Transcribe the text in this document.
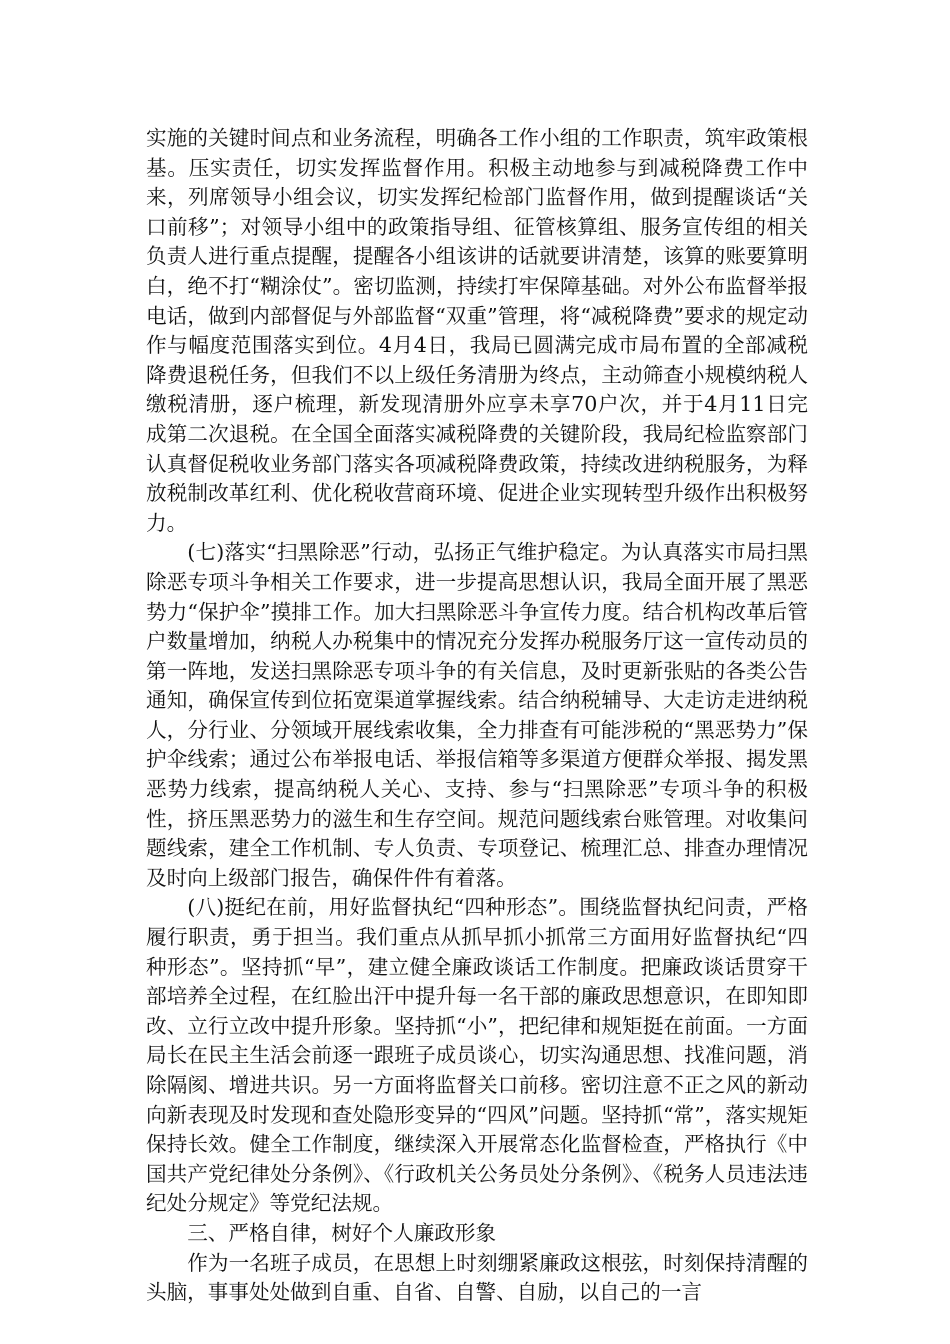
实施的关键时间点和业务流程，明确各工作小组的工作职责，筑牢政策根基。压实责任，切实发挥监督作用。积极主动地参与到减税降费工作中来，列席领导小组会议，切实发挥纪检部门监督作用，做到提醒谈话“关口前移”；对领导小组中的政策指导组、征管核算组、服务宣传组的相关负责人进行重点提醒，提醒各小组该讲的话就要讲清楚，该算的账要算明白，绝不打“糊涂仗”。密切监测，持续打牢保障基础。对外公布监督举报电话，做到内部督促与外部监督“双重”管理，将“减税降费”要求的规定动作与幅度范围落实到位。4月4日，我局已圆满完成市局布置的全部减税降费退税任务，但我们不以上级任务清册为终点，主动筛查小规模纳税人缴税清册，逐户梳理，新发现清册外应享未享70户次，并于4月11日完成第二次退税。在全国全面落实减税降费的关键阶段，我局纪检监察部门认真督促税收业务部门落实各项减税降费政策，持续改进纳税服务，为释放税制改革红利、优化税收营商环境、促进企业实现转型升级作出积极努力。

(七)落实“扫黑除恶”行动，弘扬正气维护稳定。为认真落实市局扫黑除恶专项斗争相关工作要求，进一步提高思想认识，我局全面开展了黑恶势力“保护伞”摸排工作。加大扫黑除恶斗争宣传力度。结合机构改革后管户数量增加，纳税人办税集中的情况充分发挥办税服务厅这一宣传动员的第一阵地，发送扫黑除恶专项斗争的有关信息，及时更新张贴的各类公告通知，确保宣传到位拓宽渠道掌握线索。结合纳税辅导、大走访走进纳税人，分行业、分领域开展线索收集，全力排查有可能涉税的“黑恶势力”保护伞线索；通过公布举报电话、举报信箱等多渠道方便群众举报、揭发黑恶势力线索，提高纳税人关心、支持、参与“扫黑除恶”专项斗争的积极性，挤压黑恶势力的滋生和生存空间。规范问题线索台账管理。对收集问题线索，建全工作机制、专人负责、专项登记、梳理汇总、排查办理情况及时向上级部门报告，确保件件有着落。

(八)挺纪在前，用好监督执纪“四种形态”。围绕监督执纪问责，严格履行职责，勇于担当。我们重点从抓早抓小抓常三方面用好监督执纪“四种形态”。坚持抓“早”，建立健全廉政谈话工作制度。把廉政谈话贯穿干部培养全过程，在红脸出汗中提升每一名干部的廉政思想意识，在即知即改、立行立改中提升形象。坚持抓“小”，把纪律和规矩挺在前面。一方面局长在民主生活会前逐一跟班子成员谈心，切实沟通思想、找准问题，消除隔阂、增进共识。另一方面将监督关口前移。密切注意不正之风的新动向新表现及时发现和查处隐形变异的“四风”问题。坚持抓“常”，落实规矩保持长效。健全工作制度，继续深入开展常态化监督检查，严格执行《中国共产党纪律处分条例》、《行政机关公务员处分条例》、《税务人员违法违纪处分规定》等党纪法规。

三、严格自律，树好个人廉政形象

作为一名班子成员，在思想上时刻绷紧廉政这根弦，时刻保持清醒的头脑，事事处处做到自重、自省、自警、自励，以自己的一言
